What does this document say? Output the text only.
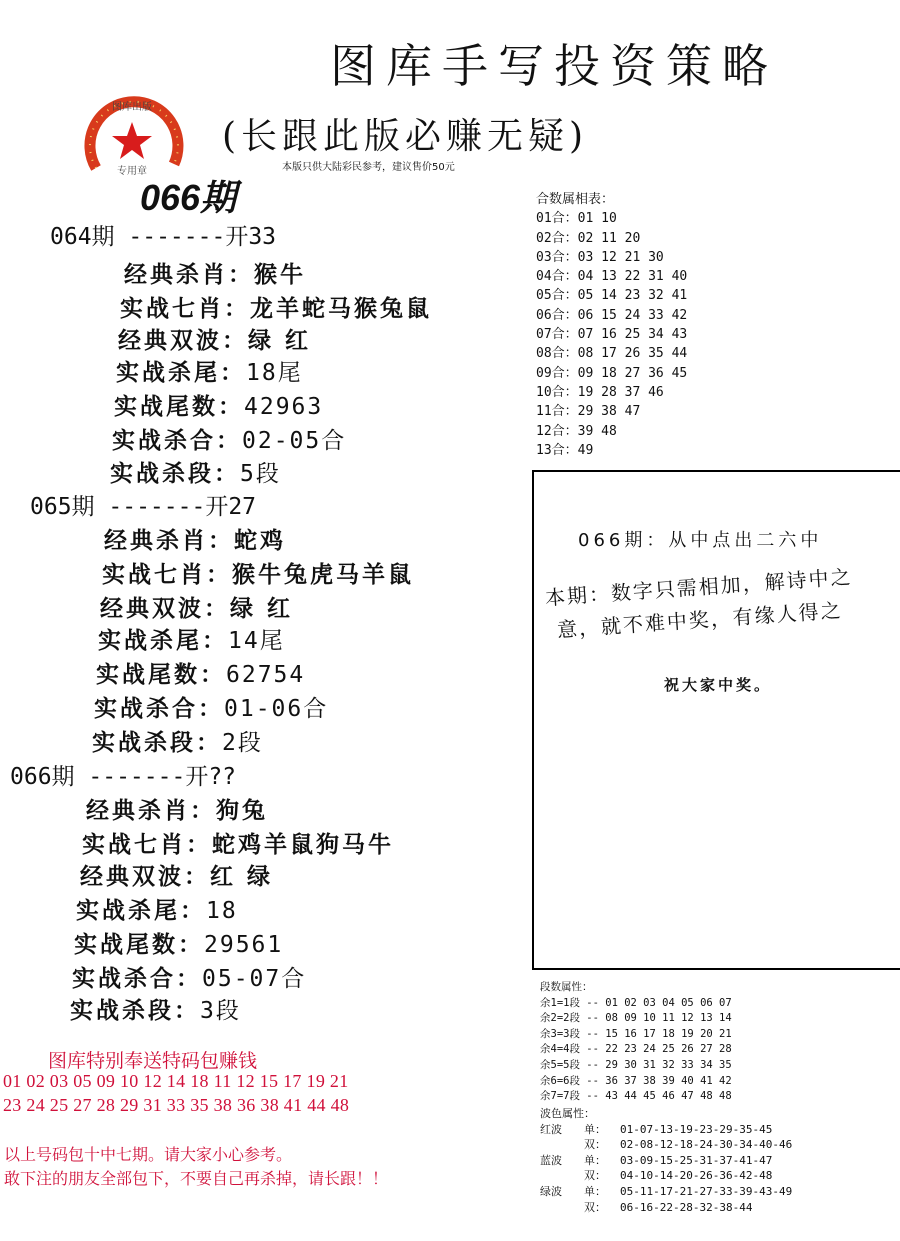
图库手写投资策略
(长跟此版必赚无疑)
本版只供大陆彩民参考，建议售价50元
图库出版
专用章
066期
064期 -------开33
经典杀肖：猴牛
实战七肖：龙羊蛇马猴兔鼠
经典双波：绿 红
实战杀尾：18尾
实战尾数：42963
实战杀合：02-05合
实战杀段：5段
065期 -------开27
经典杀肖：蛇鸡
实战七肖：猴牛兔虎马羊鼠
经典双波：绿 红
实战杀尾：14尾
实战尾数：62754
实战杀合：01-06合
实战杀段：2段
066期 -------开??
经典杀肖：狗兔
实战七肖：蛇鸡羊鼠狗马牛
经典双波：红 绿
实战杀尾：18
实战尾数：29561
实战杀合：05-07合
实战杀段：3段
合数属相表：
01合：01 10
02合：02 11 20
03合：03 12 21 30
04合：04 13 22 31 40
05合：05 14 23 32 41
06合：06 15 24 33 42
07合：07 16 25 34 43
08合：08 17 26 35 44
09合：09 18 27 36 45
10合：19 28 37 46
11合：29 38 47
12合：39 48
13合：49
066期：从中点出二六中
本期：数字只需相加，解诗中之
意，就不难中奖，有缘人得之
祝大家中奖。
段数属性：
余1=1段 -- 01 02 03 04 05 06 07
余2=2段 -- 08 09 10 11 12 13 14
余3=3段 -- 15 16 17 18 19 20 21
余4=4段 -- 22 23 24 25 26 27 28
余5=5段 -- 29 30 31 32 33 34 35
余6=6段 -- 36 37 38 39 40 41 42
余7=7段 -- 43 44 45 46 47 48 48
波色属性：
红波 单： 01-07-13-19-23-29-35-45
双： 02-08-12-18-24-30-34-40-46
蓝波 单： 03-09-15-25-31-37-41-47
双： 04-10-14-20-26-36-42-48
绿波 单： 05-11-17-21-27-33-39-43-49
双： 06-16-22-28-32-38-44
图库特别奉送特码包赚钱
01 02 03 05 09 10 12 14 18 11 12 15 17 19 21
23 24 25 27 28 29 31 33 35 38 36 38 41 44 48
以上号码包十中七期。请大家小心参考。
敢下注的朋友全部包下，不要自己再杀掉，请长跟！！
